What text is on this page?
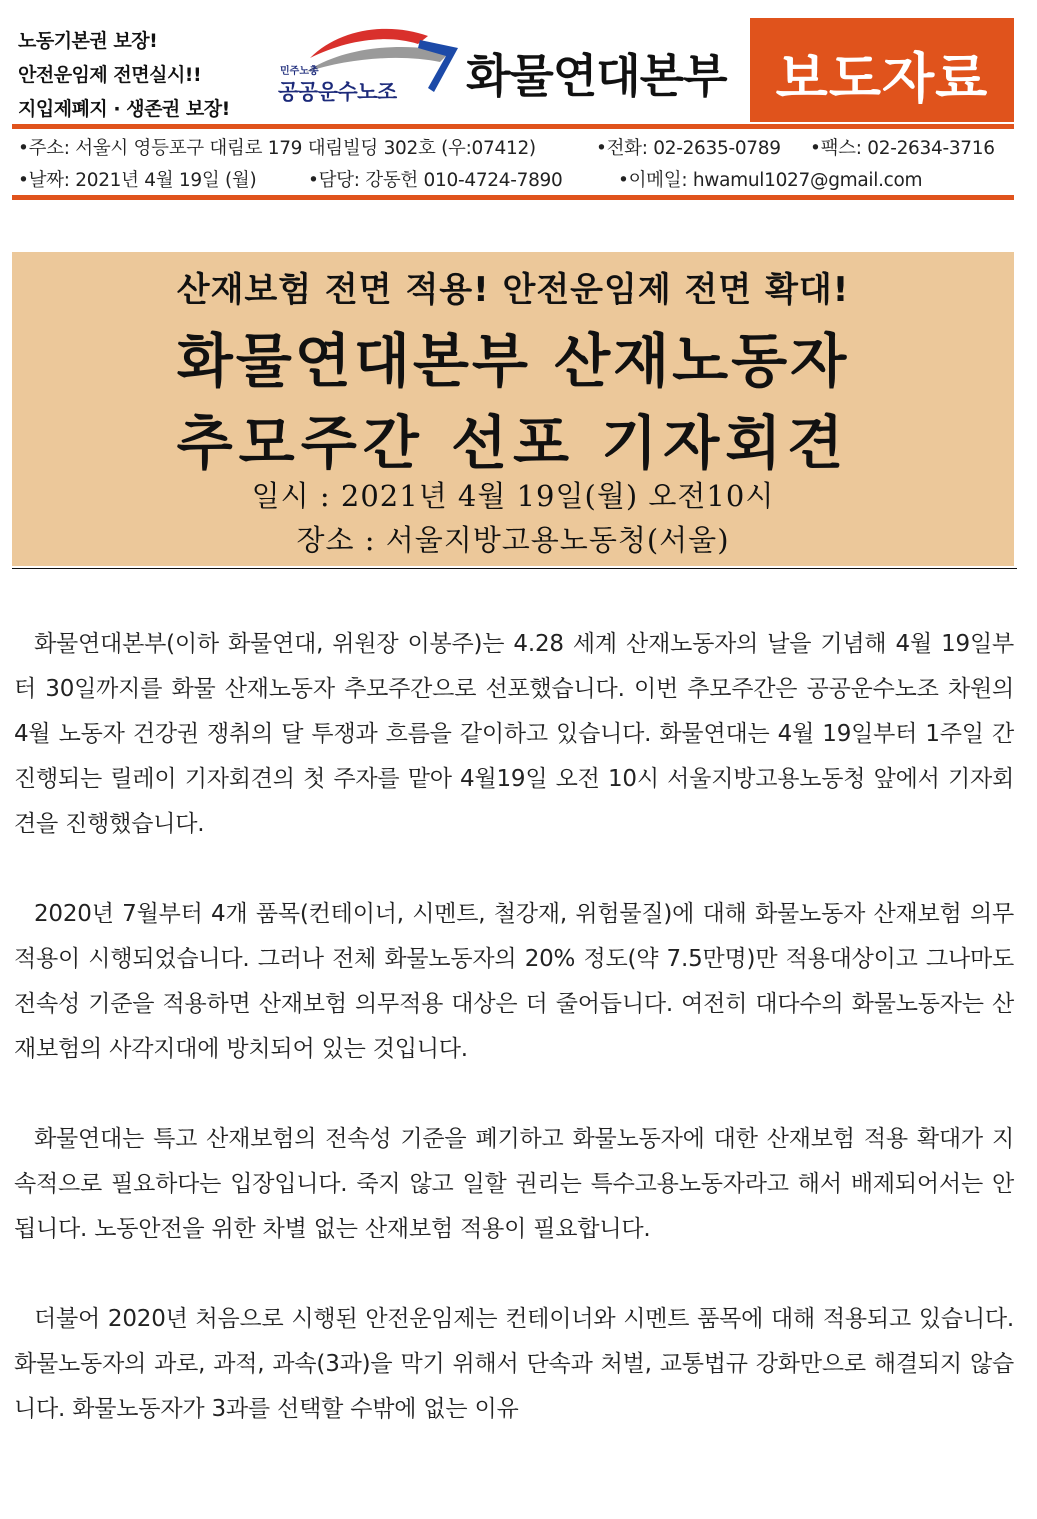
노동기본권 보장!
안전운임제 전면실시!!
지입제폐지 · 생존권 보장!
민주노총
공공운수노조 화물연대본부 보도자료
•주소: 서울시 영등포구 대림로 179 대림빌딩 302호 (우:07412)	•전화: 02-2635-0789 •팩스: 02-2634-3716
•날짜: 2021년 4월 19일 (월)	•담당: 강동헌 010-4724-7890	•이메일: hwamul1027@gmail.com
산재보험 전면 적용! 안전운임제 전면 확대!
화물연대본부 산재노동자
추모주간 선포 기자회견
일시 : 2021년 4월 19일(월) 오전10시
장소 : 서울지방고용노동청(서울)

화물연대본부(이하 화물연대, 위원장 이봉주)는 4.28 세계 산재노동자의 날을 기념해 4월 19일부터 30일까지를 화물 산재노동자 추모주간으로 선포했습니다. 이번 추모주간은 공공운수노조 차원의 4월 노동자 건강권 쟁취의 달 투쟁과 흐름을 같이하고 있습니다. 화물연대는 4월 19일부터 1주일 간 진행되는 릴레이 기자회견의 첫 주자를 맡아 4월19일 오전 10시 서울지방고용노동청 앞에서 기자회견을 진행했습니다.

2020년 7월부터 4개 품목(컨테이너, 시멘트, 철강재, 위험물질)에 대해 화물노동자 산재보험 의무적용이 시행되었습니다. 그러나 전체 화물노동자의 20% 정도(약 7.5만명)만 적용대상이고 그나마도 전속성 기준을 적용하면 산재보험 의무적용 대상은 더 줄어듭니다. 여전히 대다수의 화물노동자는 산재보험의 사각지대에 방치되어 있는 것입니다.

화물연대는 특고 산재보험의 전속성 기준을 폐기하고 화물노동자에 대한 산재보험 적용 확대가 지속적으로 필요하다는 입장입니다. 죽지 않고 일할 권리는 특수고용노동자라고 해서 배제되어서는 안 됩니다. 노동안전을 위한 차별 없는 산재보험 적용이 필요합니다.

더불어 2020년 처음으로 시행된 안전운임제는 컨테이너와 시멘트 품목에 대해 적용되고 있습니다. 화물노동자의 과로, 과적, 과속(3과)을 막기 위해서 단속과 처벌, 교통법규 강화만으로 해결되지 않습니다. 화물노동자가 3과를 선택할 수밖에 없는 이유
